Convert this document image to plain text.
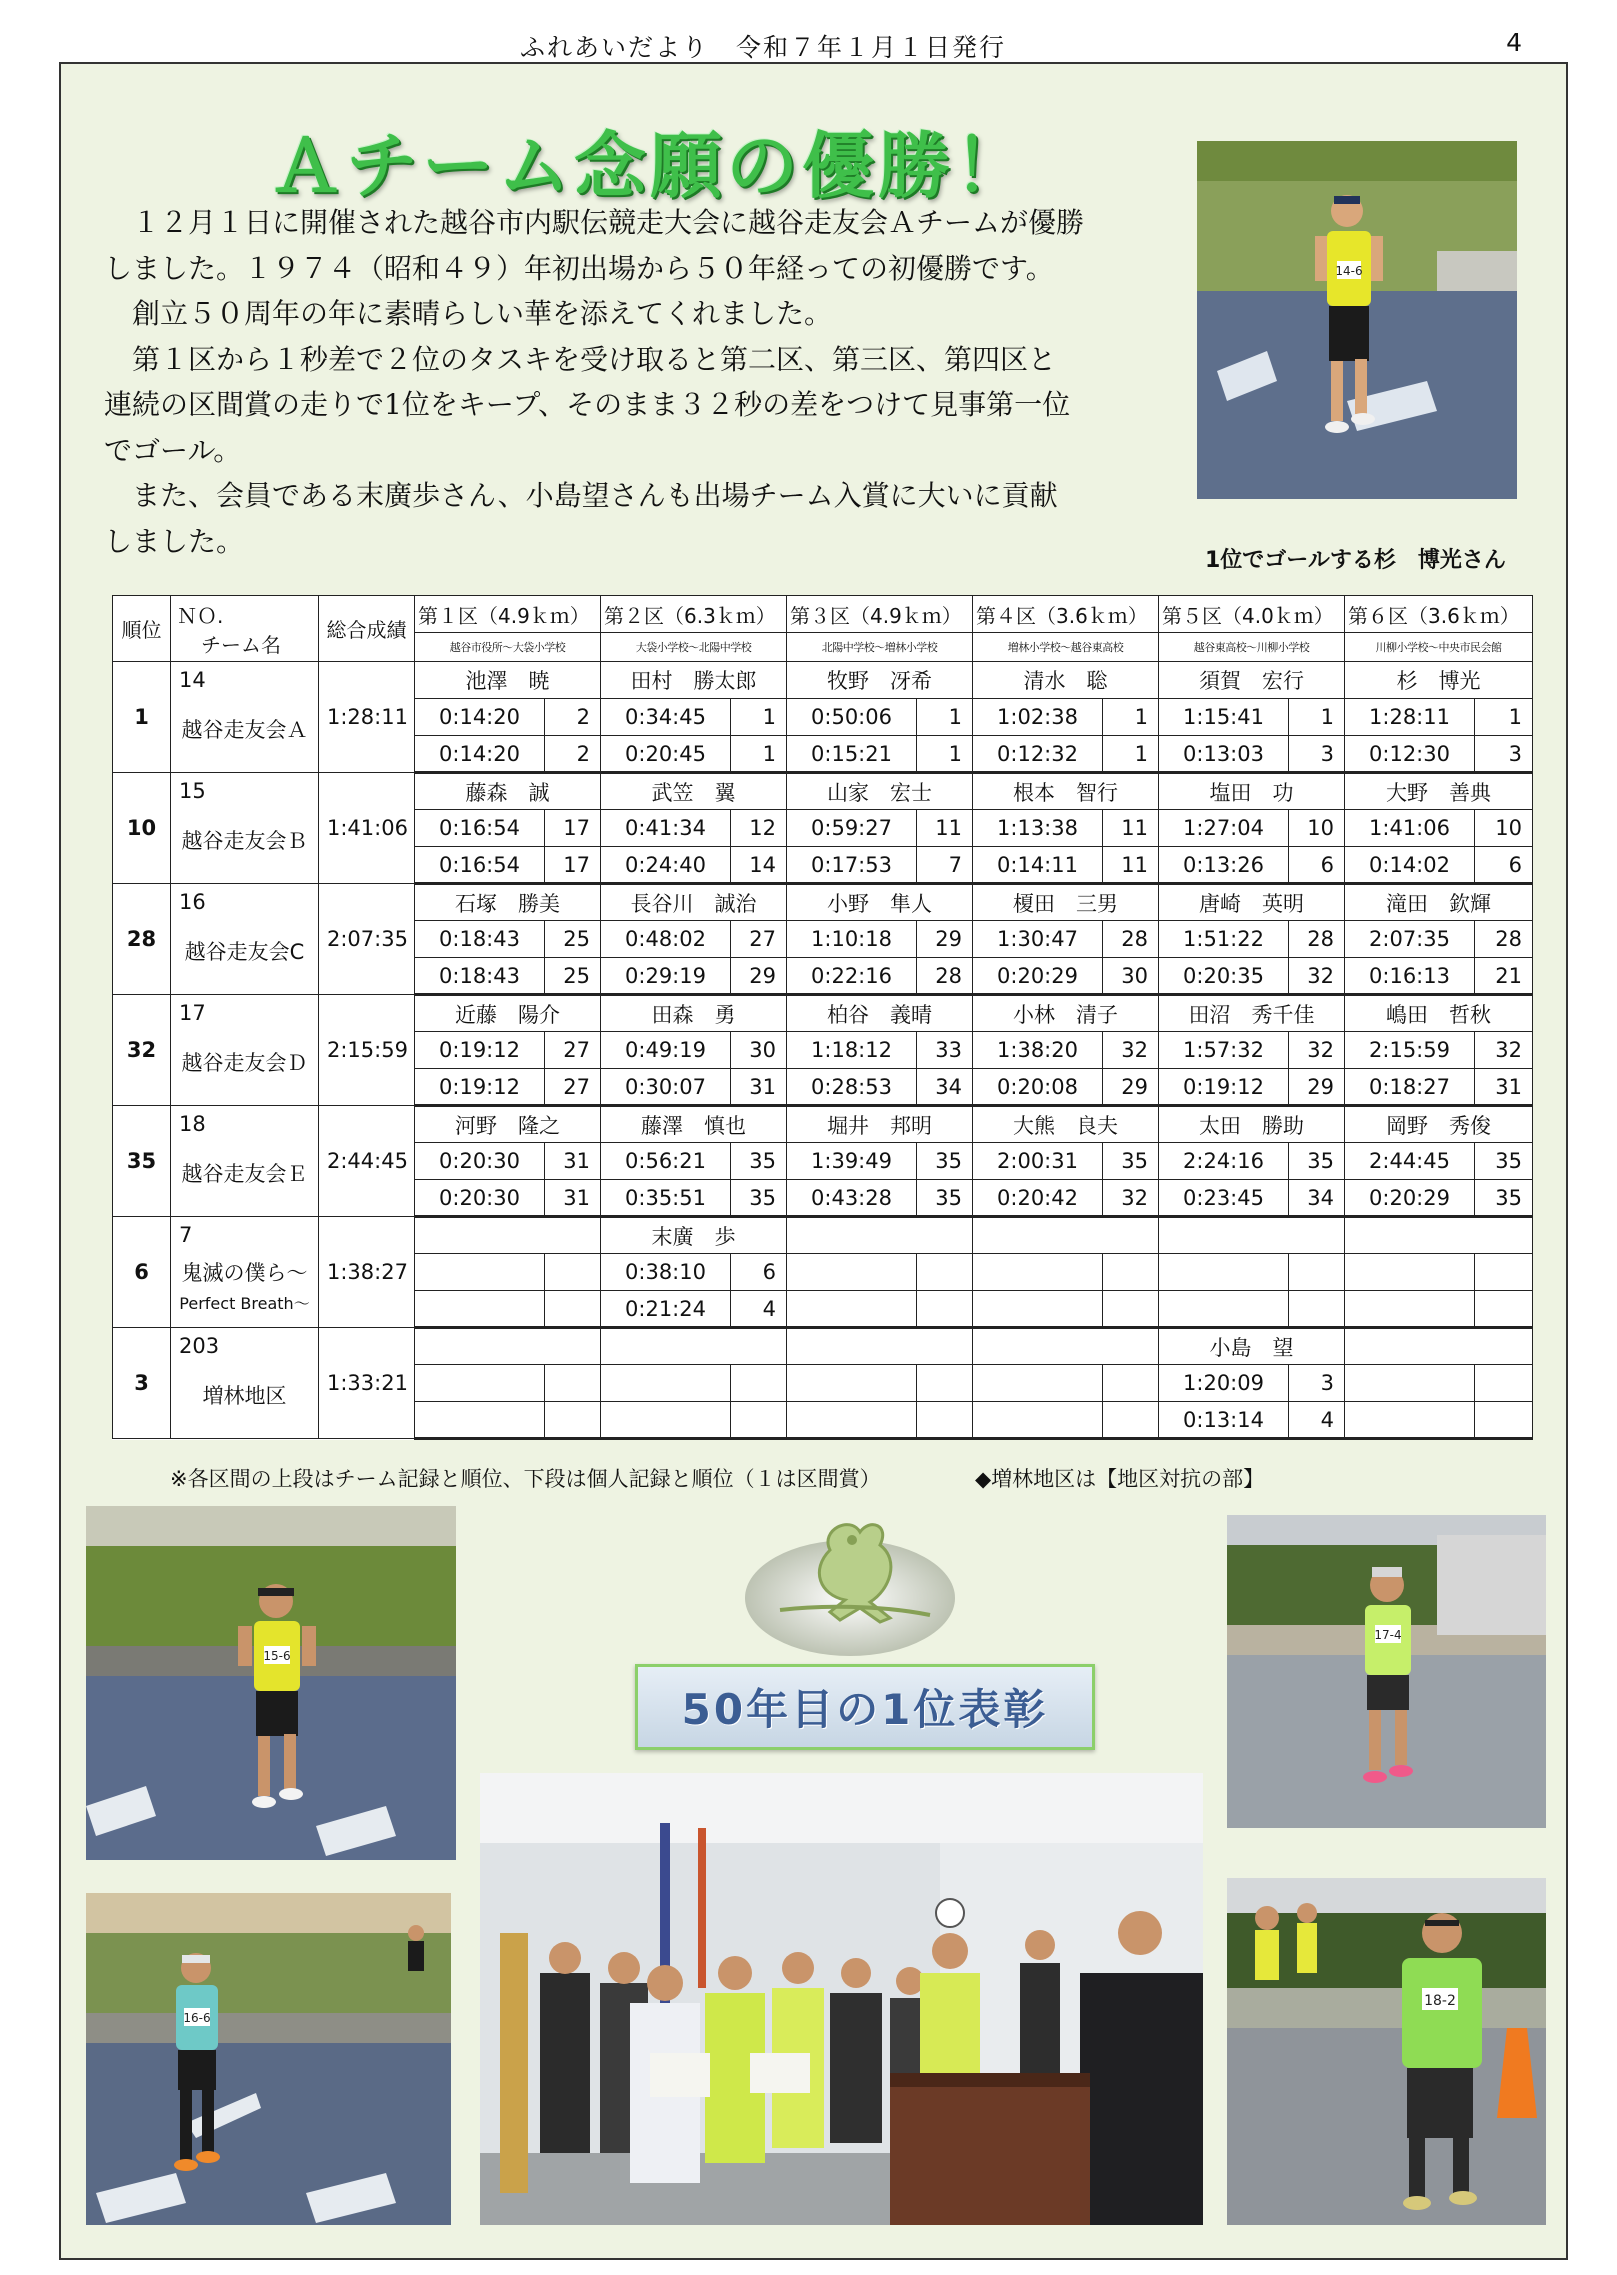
ふれあいだより　令和７年１月１日発行	4
Ａチーム念願の優勝！

　１２月１日に開催された越谷市内駅伝競走大会に越谷走友会Ａチームが優勝

しました。１９７４（昭和４９）年初出場から５０年経っての初優勝です。

　創立５０周年の年に素晴らしい華を添えてくれました。

　第１区から１秒差で２位のタスキを受け取ると第二区、第三区、第四区と

連続の区間賞の走りで1位をキープ、そのまま３２秒の差をつけて見事第一位

でゴール。

　また、会員である末廣歩さん、小島望さんも出場チーム入賞に大いに貢献

しました。

14-6
1位でゴールする杉　博光さん
順位	ＮＯ.
チーム名	総合成績	第１区（4.9ｋｍ）		第２区（6.3ｋｍ）		第３区（4.9ｋｍ）		第４区（3.6ｋｍ）		第５区（4.0ｋｍ）		第６区（3.6ｋｍ）	
			越谷市役所～大袋小学校		大袋小学校～北陽中学校		北陽中学校～増林小学校		増林小学校～越谷東高校		越谷東高校～川柳小学校		川柳小学校～中央市民会館	
1	14
越谷走友会Ａ	1:28:11	池澤　暁		田村　勝太郎		牧野　冴希		清水　聡		須賀　宏行		杉　博光	
			0:14:20	2	0:34:45	1	0:50:06	1	1:02:38	1	1:15:41	1	1:28:11	1
			0:14:20	2	0:20:45	1	0:15:21	1	0:12:32	1	0:13:03	3	0:12:30	3
10	15
越谷走友会Ｂ	1:41:06	藤森　誠		武笠　翼		山家　宏士		根本　智行		塩田　功		大野　善典	
			0:16:54	17	0:41:34	12	0:59:27	11	1:13:38	11	1:27:04	10	1:41:06	10
			0:16:54	17	0:24:40	14	0:17:53	7	0:14:11	11	0:13:26	6	0:14:02	6
28	16
越谷走友会C	2:07:35	石塚　勝美		長谷川　誠治		小野　隼人		榎田　三男		唐崎　英明		滝田　欽輝	
			0:18:43	25	0:48:02	27	1:10:18	29	1:30:47	28	1:51:22	28	2:07:35	28
			0:18:43	25	0:29:19	29	0:22:16	28	0:20:29	30	0:20:35	32	0:16:13	21
32	17
越谷走友会Ｄ	2:15:59	近藤　陽介		田森　勇		柏谷　義晴		小林　清子		田沼　秀千佳		嶋田　哲秋	
			0:19:12	27	0:49:19	30	1:18:12	33	1:38:20	32	1:57:32	32	2:15:59	32
			0:19:12	27	0:30:07	31	0:28:53	34	0:20:08	29	0:19:12	29	0:18:27	31
35	18
越谷走友会Ｅ	2:44:45	河野　隆之		藤澤　慎也		堀井　邦明		大熊　良夫		太田　勝助		岡野　秀俊	
			0:20:30	31	0:56:21	35	1:39:49	35	2:00:31	35	2:24:16	35	2:44:45	35
			0:20:30	31	0:35:51	35	0:43:28	35	0:20:42	32	0:23:45	34	0:20:29	35
6	7
鬼滅の僕ら～
Perfect Breath～	1:38:27			末廣　歩									
					0:38:10	6								
					0:21:24	4								
3	203
増林地区	1:33:21									小島　望			
											1:20:09	3		
											0:13:14	4		
※各区間の上段はチーム記録と順位、下段は個人記録と順位（１は区間賞）	◆増林地区は【地区対抗の部】
15-6
16-6
50年目の1位表彰
17-4
18-2
